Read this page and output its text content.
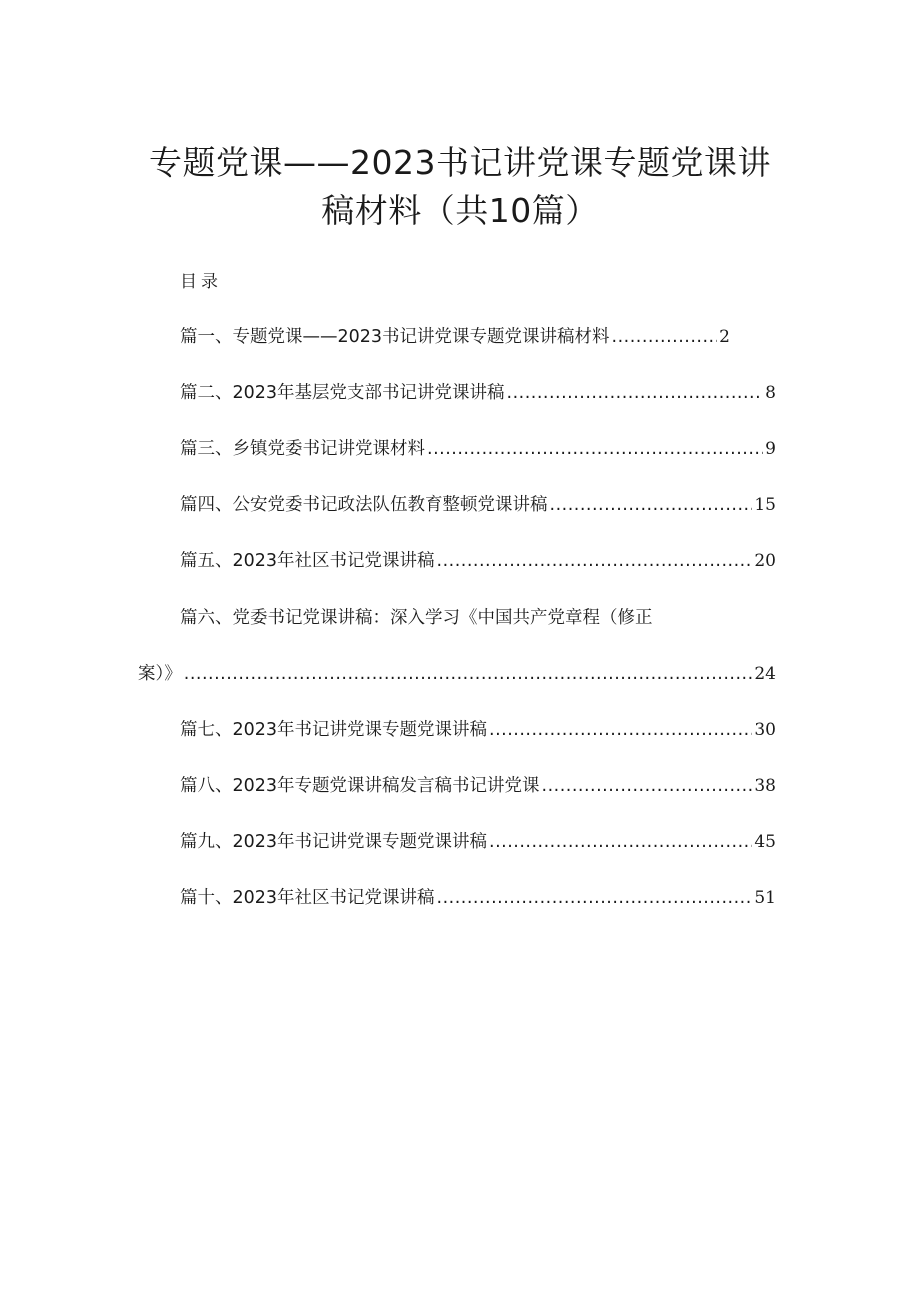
专题党课——2023书记讲党课专题党课讲
稿材料（共10篇）
目录
篇一、专题党课——2023书记讲党课专题党课讲稿材料 .....	2
篇二、2023年基层党支部书记讲党课讲稿 .....	8
篇三、乡镇党委书记讲党课材料 .....	9
篇四、公安党委书记政法队伍教育整顿党课讲稿 .....	15
篇五、2023年社区书记党课讲稿 .....	20
篇六、党委书记党课讲稿：深入学习《中国共产党章程（修正
案）》 .....	24
篇七、2023年书记讲党课专题党课讲稿 .....	30
篇八、2023年专题党课讲稿发言稿书记讲党课 .....	38
篇九、2023年书记讲党课专题党课讲稿 .....	45
篇十、2023年社区书记党课讲稿 .....	51
